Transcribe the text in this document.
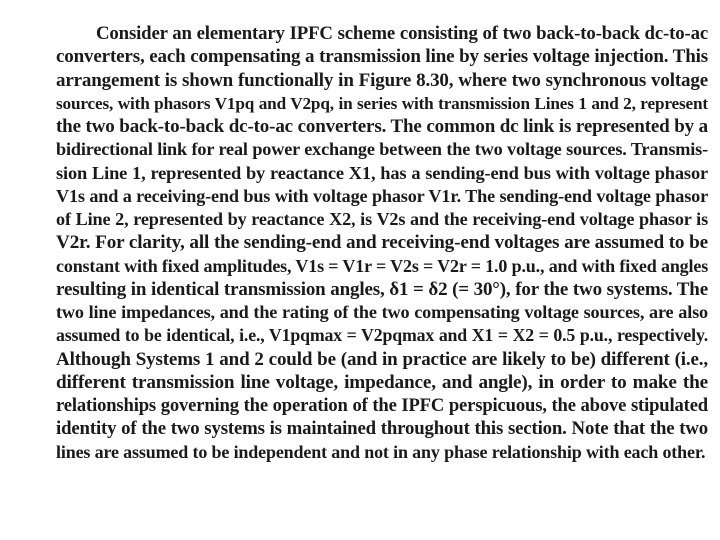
Consider an elementary IPFC scheme consisting of two back-to-back dc-to-ac
converters, each compensating a transmission line by series voltage injection. This
arrangement is shown functionally in Figure 8.30, where two synchronous voltage
sources, with phasors V1pq and V2pq, in series with transmission Lines 1 and 2, represent
the two back-to-back dc-to-ac converters. The common dc link is represented by a
bidirectional link for real power exchange between the two voltage sources. Transmis-
sion Line 1, represented by reactance X1, has a sending-end bus with voltage phasor
V1s and a receiving-end bus with voltage phasor V1r. The sending-end voltage phasor
of Line 2, represented by reactance X2, is V2s and the receiving-end voltage phasor is
V2r. For clarity, all the sending-end and receiving-end voltages are assumed to be
constant with fixed amplitudes, V1s = V1r = V2s = V2r = 1.0 p.u., and with fixed angles
resulting in identical transmission angles, δ1 = δ2 (= 30°), for the two systems. The
two line impedances, and the rating of the two compensating voltage sources, are also
assumed to be identical, i.e., V1pqmax = V2pqmax and X1 = X2 = 0.5 p.u., respectively.
Although Systems 1 and 2 could be (and in practice are likely to be) different (i.e.,
different transmission line voltage, impedance, and angle), in order to make the
relationships governing the operation of the IPFC perspicuous, the above stipulated
identity of the two systems is maintained throughout this section. Note that the two
lines are assumed to be independent and not in any phase relationship with each other.
